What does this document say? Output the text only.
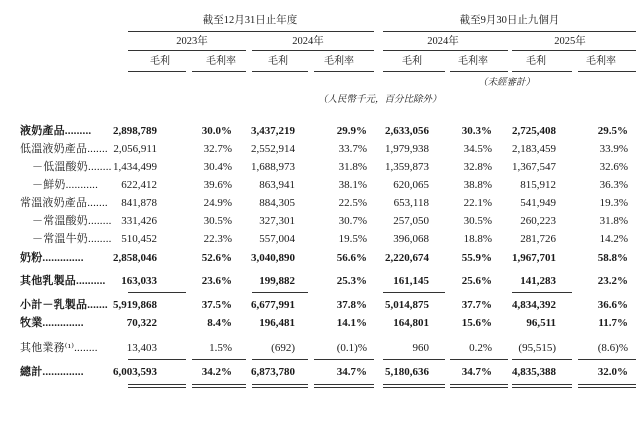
截至12月31日止年度	截至9月30日止九個月
2023年	2024年	2024年	2025年
毛利	毛利率	毛利	毛利率	毛利	毛利率	毛利	毛利率
（未經審計）
（人民幣千元，百分比除外）
液奶產品......... 2,898,789	30.0% 3,437,219	29.9% 2,633,056	30.3% 2,725,408	29.5%
低溫液奶產品....... 2,056,911	32.7% 2,552,914	33.7% 1,979,938	34.5% 2,183,459	33.9%
－低溫酸奶........ 1,434,499	30.4% 1,688,973	31.8% 1,359,873	32.8% 1,367,547	32.6%
－鮮奶........... 622,412	39.6% 863,941	38.1% 620,065	38.8%	815,912	36.3%
常溫液奶產品....... 841,878	24.9% 884,305	22.5% 653,118	22.1%	541,949	19.3%
－常溫酸奶........ 331,426	30.5% 327,301	30.7% 257,050	30.5%	260,223	31.8%
－常溫牛奶........ 510,452	22.3% 557,004	19.5% 396,068	18.8%	281,726	14.2%
奶粉..............	2,858,046	52.6% 3,040,890	56.6% 2,220,674	55.9% 1,967,701	58.8%
其他乳製品.......... 163,033	23.6% 199,882	25.3% 161,145	25.6%	141,283	23.2%
小計－乳製品....... 5,919,868	37.5% 6,677,991	37.8% 5,014,875	37.7% 4,834,392	36.6%
牧業..............	70,322	8.4% 196,481	14.1% 164,801	15.6%	96,511	11.7%
其他業務⁽¹⁾........	13,403	1.5%	(692)	(0.1)%	960	0.2% (95,515)	(8.6)%
總計..............	6,003,593	34.2% 6,873,780	34.7% 5,180,636	34.7% 4,835,388	32.0%
